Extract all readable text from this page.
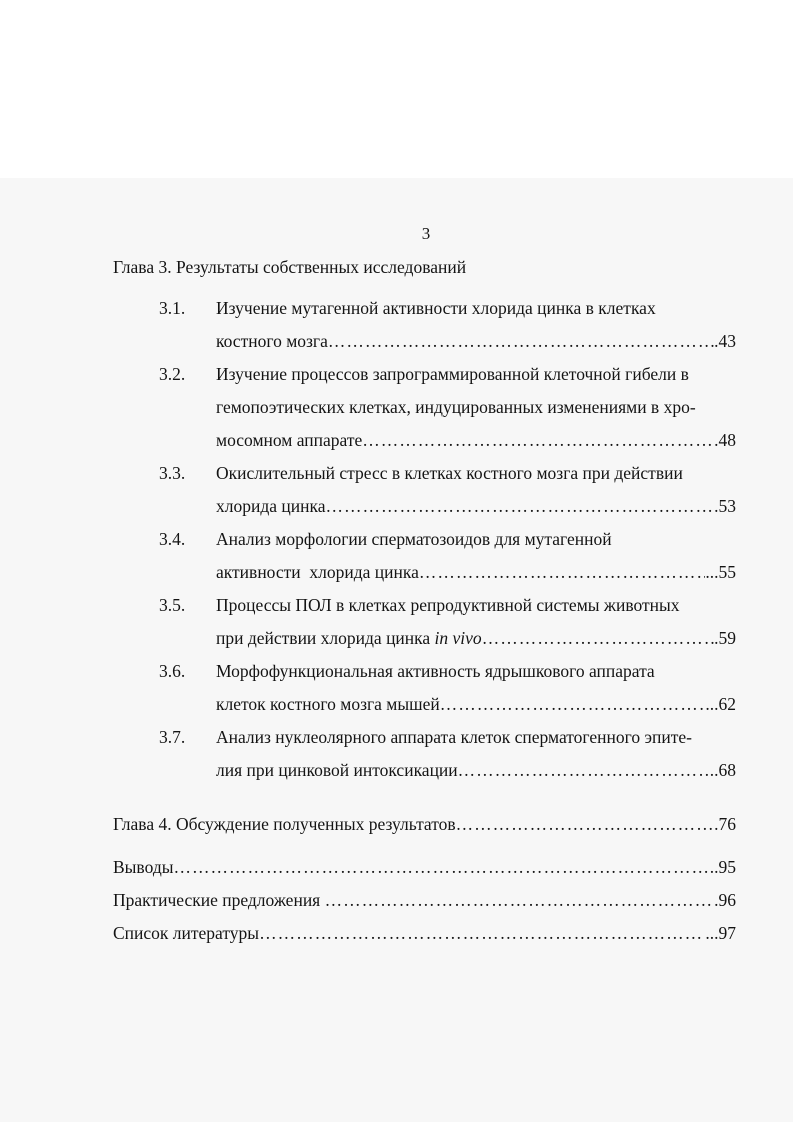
3
Глава 3. Результаты собственных исследований
3.1. Изучение мутагенной активности хлорида цинка в клетках
костного мозга ……………………………………………………………………………………………………………………………………………………………	.43
3.2. Изучение процессов запрограммированной клеточной гибели в
гемопоэтических клетках, индуцированных изменениями в хро-
мосомном аппарате ……………………………………………………………………………………………………………………………………………………………	.48
3.3. Окислительный стресс в клетках костного мозга при действии
хлорида цинка ……………………………………………………………………………………………………………………………………………………………	.53
3.4. Анализ морфологии сперматозоидов для мутагенной
активности  хлорида цинка ……………………………………………………………………………………………………………………………………………………………	...55
3.5. Процессы ПОЛ в клетках репродуктивной системы животных
при действии хлорида цинка
in vivo ……………………………………………………………………………………………………………………………………………………………	.59
3.6. Морфофункциональная активность ядрышкового аппарата
клеток костного мозга мышей ……………………………………………………………………………………………………………………………………………………………	...62
3.7. Анализ нуклеолярного аппарата клеток сперматогенного эпите-
лия при цинковой интоксикации ……………………………………………………………………………………………………………………………………………………………	..68
Глава 4. Обсуждение полученных результатов ……………………………………………………………………………………………………………………………………………………………	.76
Выводы ……………………………………………………………………………………………………………………………………………………………	..95
Практические предложения ……………………………………………………………………………………………………………………………………………………………	.96
Список литературы ……………………………………………………………………………………………………………………………………………………………	...97
